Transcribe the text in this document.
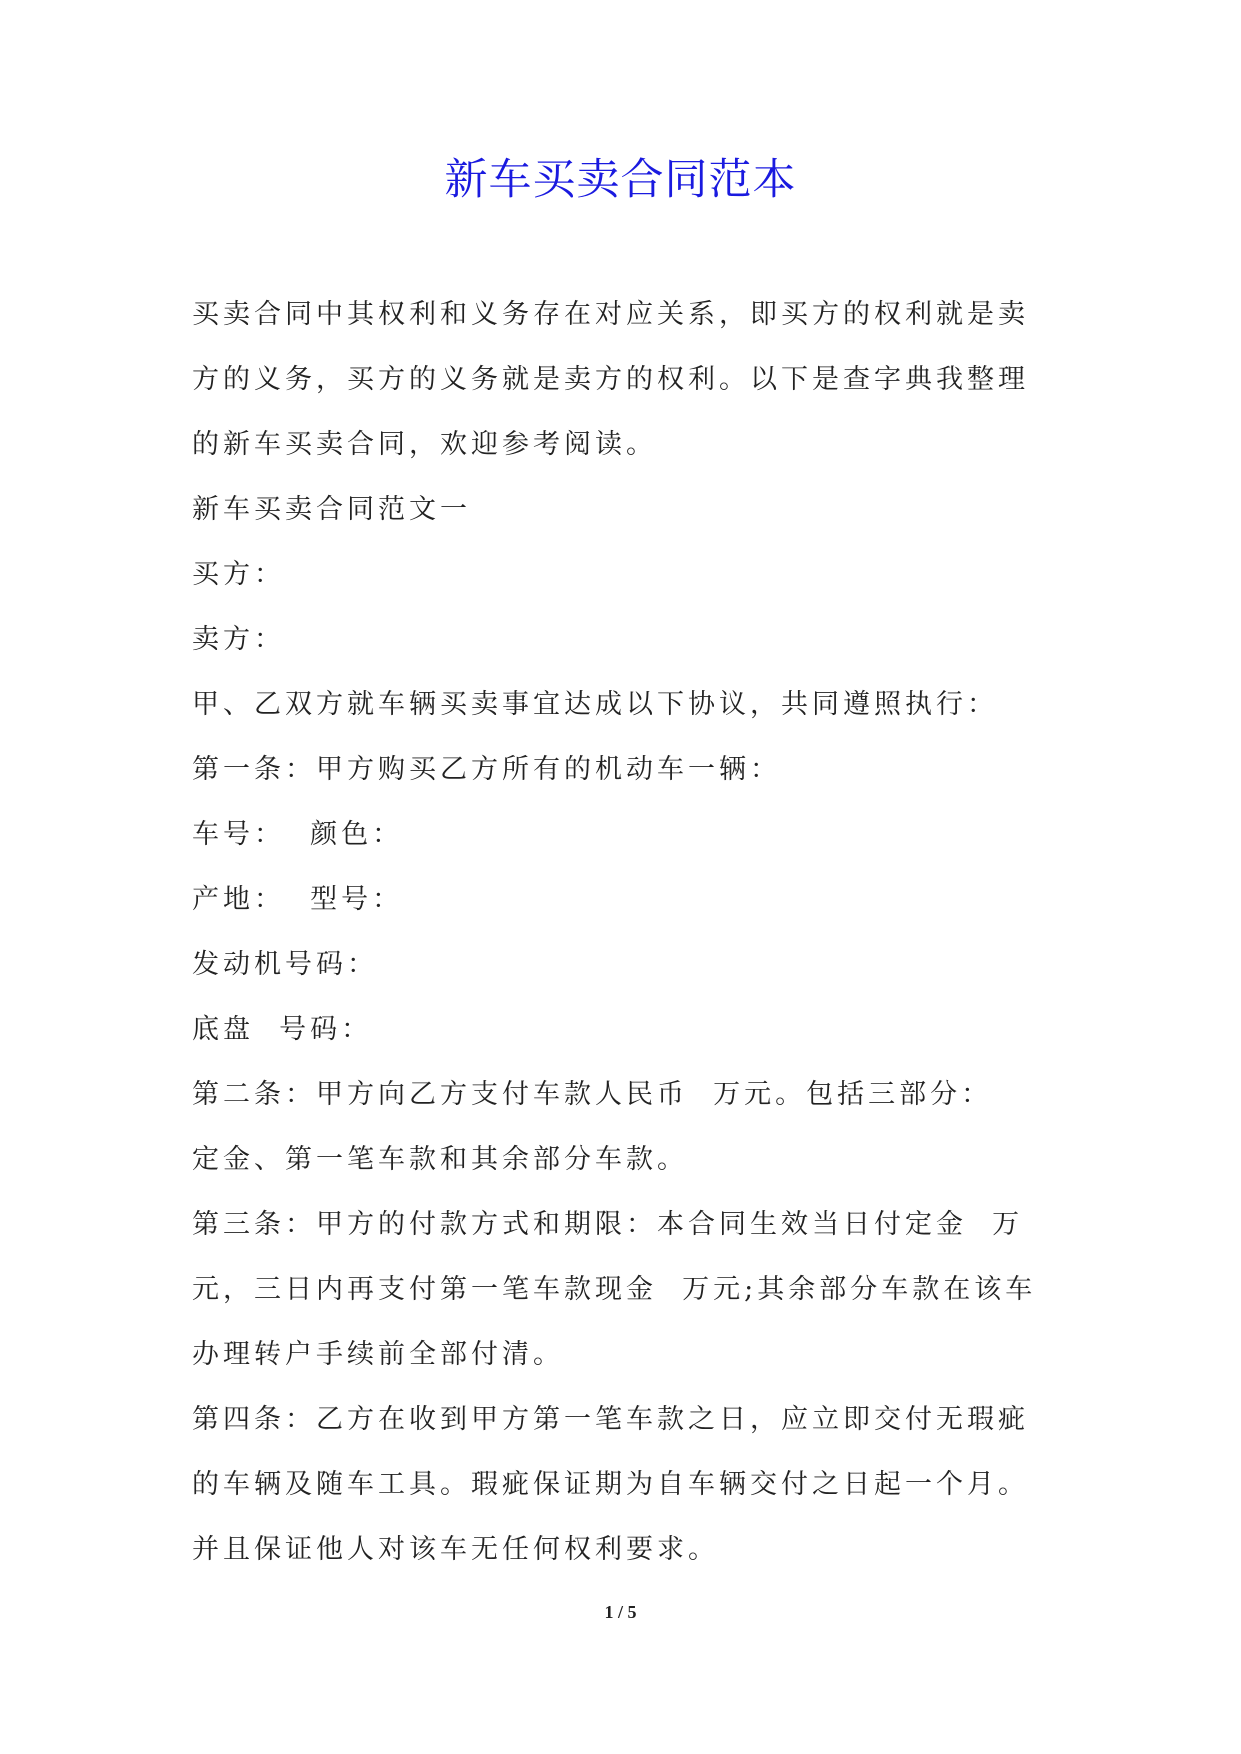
新车买卖合同范本

买卖合同中其权利和义务存在对应关系，即买方的权利就是卖方的义务，买方的义务就是卖方的权利。以下是查字典我整理的新车买卖合同，欢迎参考阅读。

新车买卖合同范文一

买方：

卖方：

甲、乙双方就车辆买卖事宜达成以下协议，共同遵照执行：

第一条：甲方购买乙方所有的机动车一辆：

车号：  颜色：

产地：  型号：

发动机号码：

底盘  号码：

第二条：甲方向乙方支付车款人民币  万元。包括三部分：

定金、第一笔车款和其余部分车款。

第三条：甲方的付款方式和期限：本合同生效当日付定金  万元，三日内再支付第一笔车款现金  万元;其余部分车款在该车办理转户手续前全部付清。

第四条：乙方在收到甲方第一笔车款之日，应立即交付无瑕疵的车辆及随车工具。瑕疵保证期为自车辆交付之日起一个月。并且保证他人对该车无任何权利要求。

1 / 5
